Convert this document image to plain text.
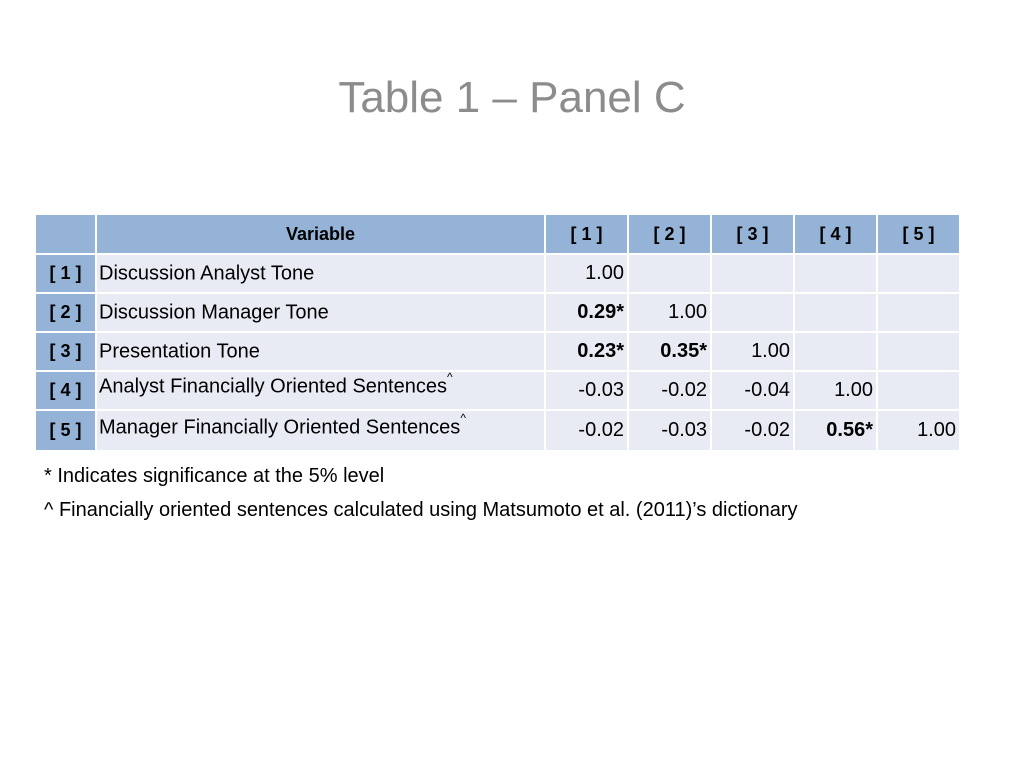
Table 1 – Panel C
	Variable	[ 1 ]	[ 2 ]	[ 3 ]	[ 4 ]	[ 5 ]
[ 1 ]	Discussion Analyst Tone	1.00				
[ 2 ]	Discussion Manager Tone	0.29*	1.00			
[ 3 ]	Presentation Tone	0.23*	0.35*	1.00		
[ 4 ]	Analyst Financially Oriented Sentences^	-0.03	-0.02	-0.04	1.00	
[ 5 ]	Manager Financially Oriented Sentences^	-0.02	-0.03	-0.02	0.56*	1.00
* Indicates significance at the 5% level
^ Financially oriented sentences calculated using Matsumoto et al. (2011)’s dictionary
